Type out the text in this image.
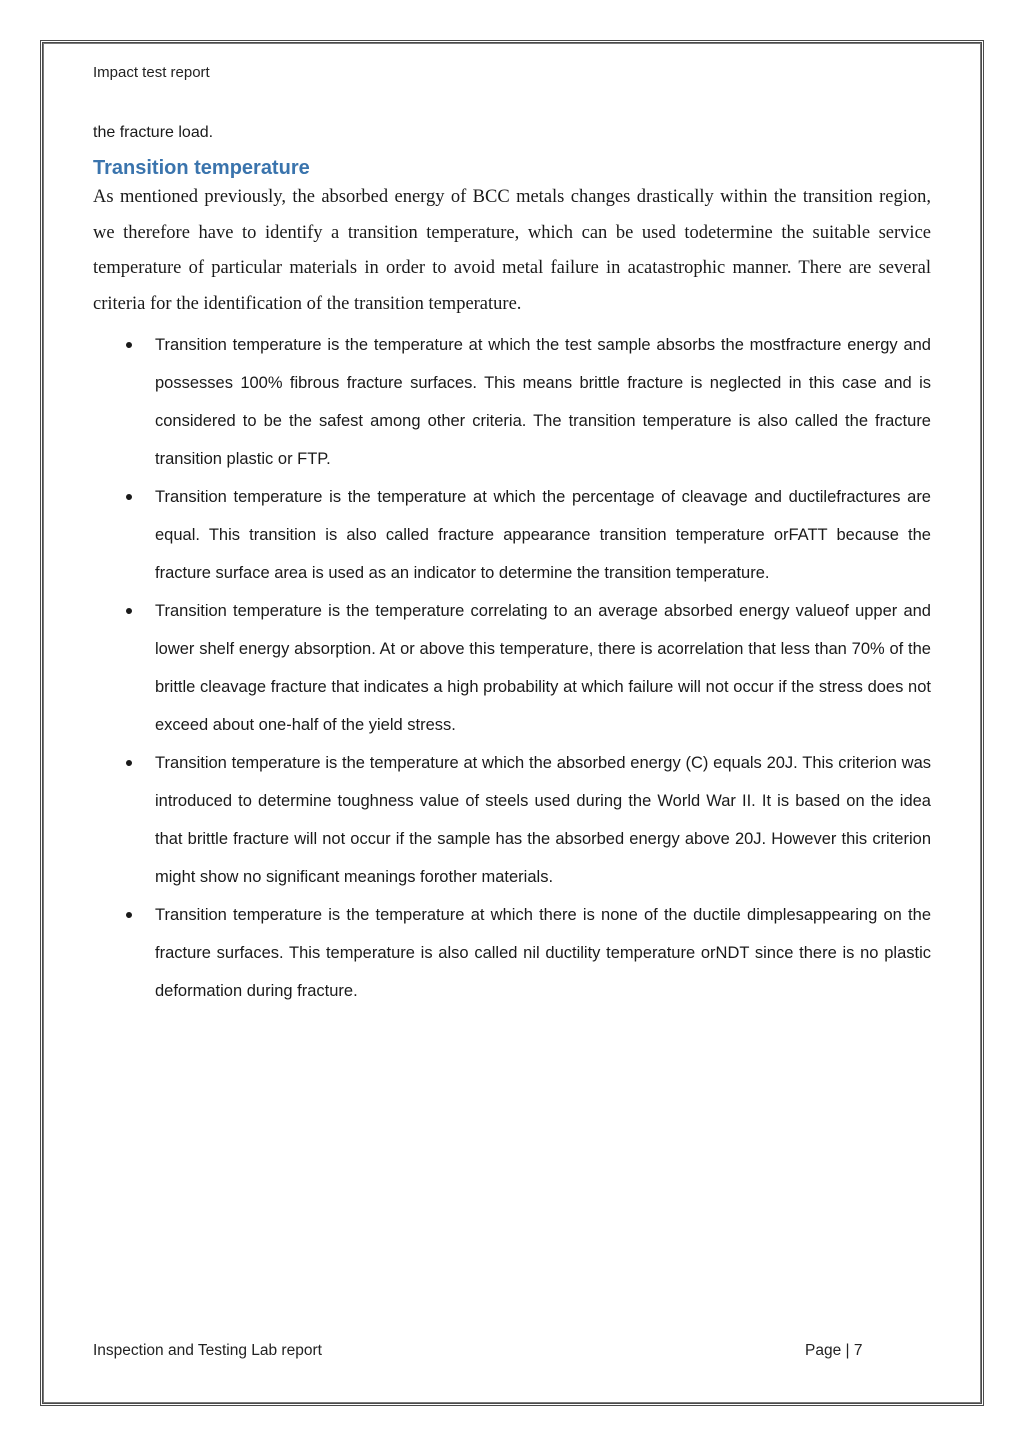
Impact test report

the fracture load.

Transition temperature

As mentioned previously, the absorbed energy of BCC metals changes drastically within the transition region, we therefore have to identify a transition temperature, which can be used todetermine the suitable service temperature of particular materials in order to avoid metal failure in acatastrophic manner. There are several criteria for the identification of the transition temperature.

Transition temperature is the temperature at which the test sample absorbs the mostfracture energy and possesses 100% fibrous fracture surfaces. This means brittle fracture is neglected in this case and is considered to be the safest among other criteria. The transition temperature is also called the fracture transition plastic or FTP.
Transition temperature is the temperature at which the percentage of cleavage and ductilefractures are equal. This transition is also called fracture appearance transition temperature orFATT because the fracture surface area is used as an indicator to determine the transition temperature.
Transition temperature is the temperature correlating to an average absorbed energy valueof upper and lower shelf energy absorption. At or above this temperature, there is acorrelation that less than 70% of the brittle cleavage fracture that indicates a high probability at which failure will not occur if the stress does not exceed about one-half of the yield stress.
Transition temperature is the temperature at which the absorbed energy (C) equals 20J. This criterion was introduced to determine toughness value of steels used during the World War II. It is based on the idea that brittle fracture will not occur if the sample has the absorbed energy above 20J. However this criterion might show no significant meanings forother materials.
Transition temperature is the temperature at which there is none of the ductile dimplesappearing on the fracture surfaces. This temperature is also called nil ductility temperature orNDT since there is no plastic deformation during fracture.
Inspection and Testing Lab report	Page | 7
